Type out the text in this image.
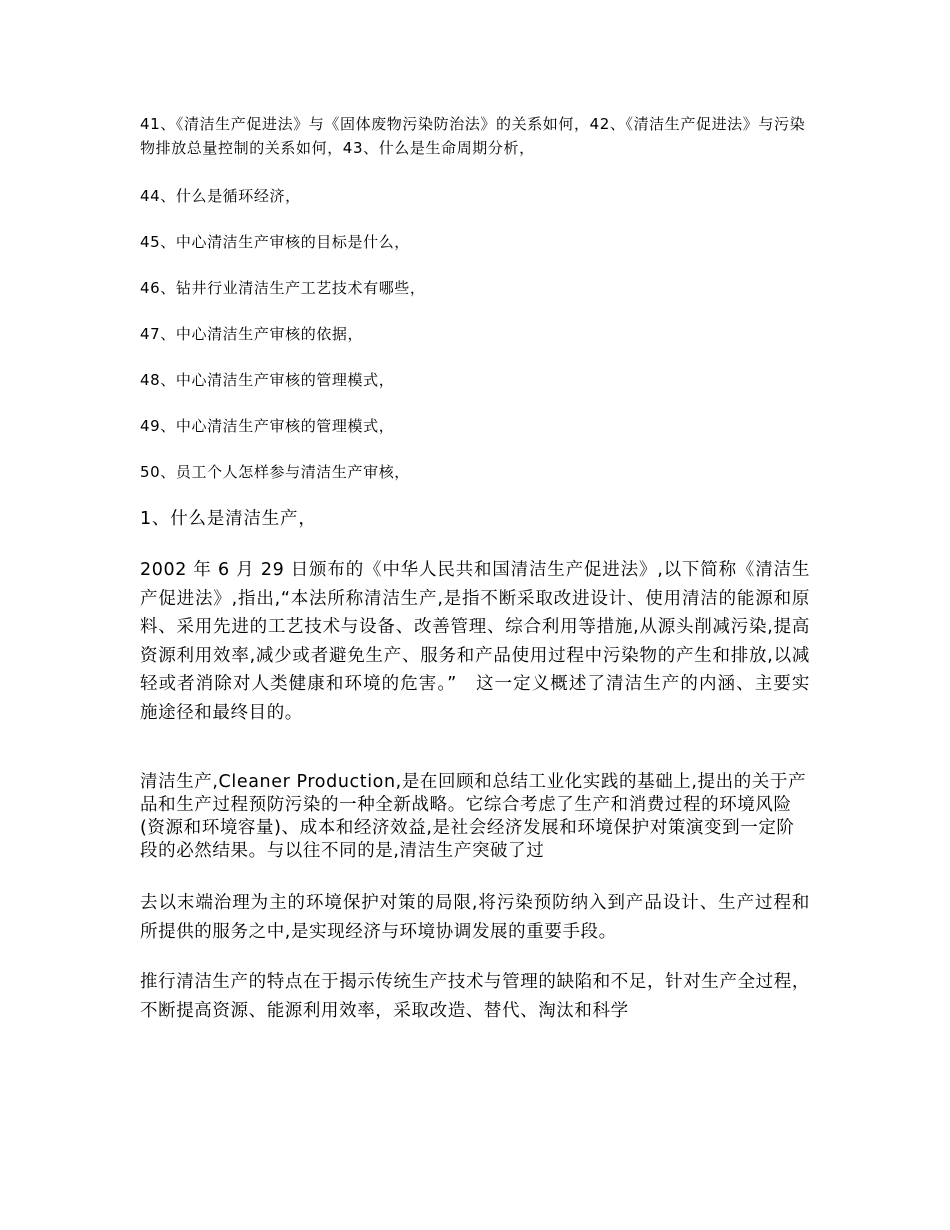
41、《清洁生产促进法》与《固体废物污染防治法》的关系如何，42、《清洁生产促进法》与污染物排放总量控制的关系如何，43、什么是生命周期分析，

44、什么是循环经济，

45、中心清洁生产审核的目标是什么，

46、钻井行业清洁生产工艺技术有哪些，

47、中心清洁生产审核的依据，

48、中心清洁生产审核的管理模式，

49、中心清洁生产审核的管理模式，

50、员工个人怎样参与清洁生产审核，

1、什么是清洁生产，

2002 年 6 月 29 日颁布的《中华人民共和国清洁生产促进法》,以下简称《清洁生产促进法》,指出,“本法所称清洁生产,是指不断采取改进设计、使用清洁的能源和原料、采用先进的工艺技术与设备、改善管理、综合利用等措施,从源头削减污染,提高资源利用效率,减少或者避免生产、服务和产品使用过程中污染物的产生和排放,以减轻或者消除对人类健康和环境的危害。”　这一定义概述了清洁生产的内涵、主要实施途径和最终目的。

清洁生产,Cleaner Production,是在回顾和总结工业化实践的基础上,提出的关于产品和生产过程预防污染的一种全新战略。它综合考虑了生产和消费过程的环境风险(资源和环境容量)、成本和经济效益,是社会经济发展和环境保护对策演变到一定阶段的必然结果。与以往不同的是,清洁生产突破了过

去以末端治理为主的环境保护对策的局限,将污染预防纳入到产品设计、生产过程和所提供的服务之中,是实现经济与环境协调发展的重要手段。

推行清洁生产的特点在于揭示传统生产技术与管理的缺陷和不足，针对生产全过程，不断提高资源、能源利用效率，采取改造、替代、淘汰和科学
